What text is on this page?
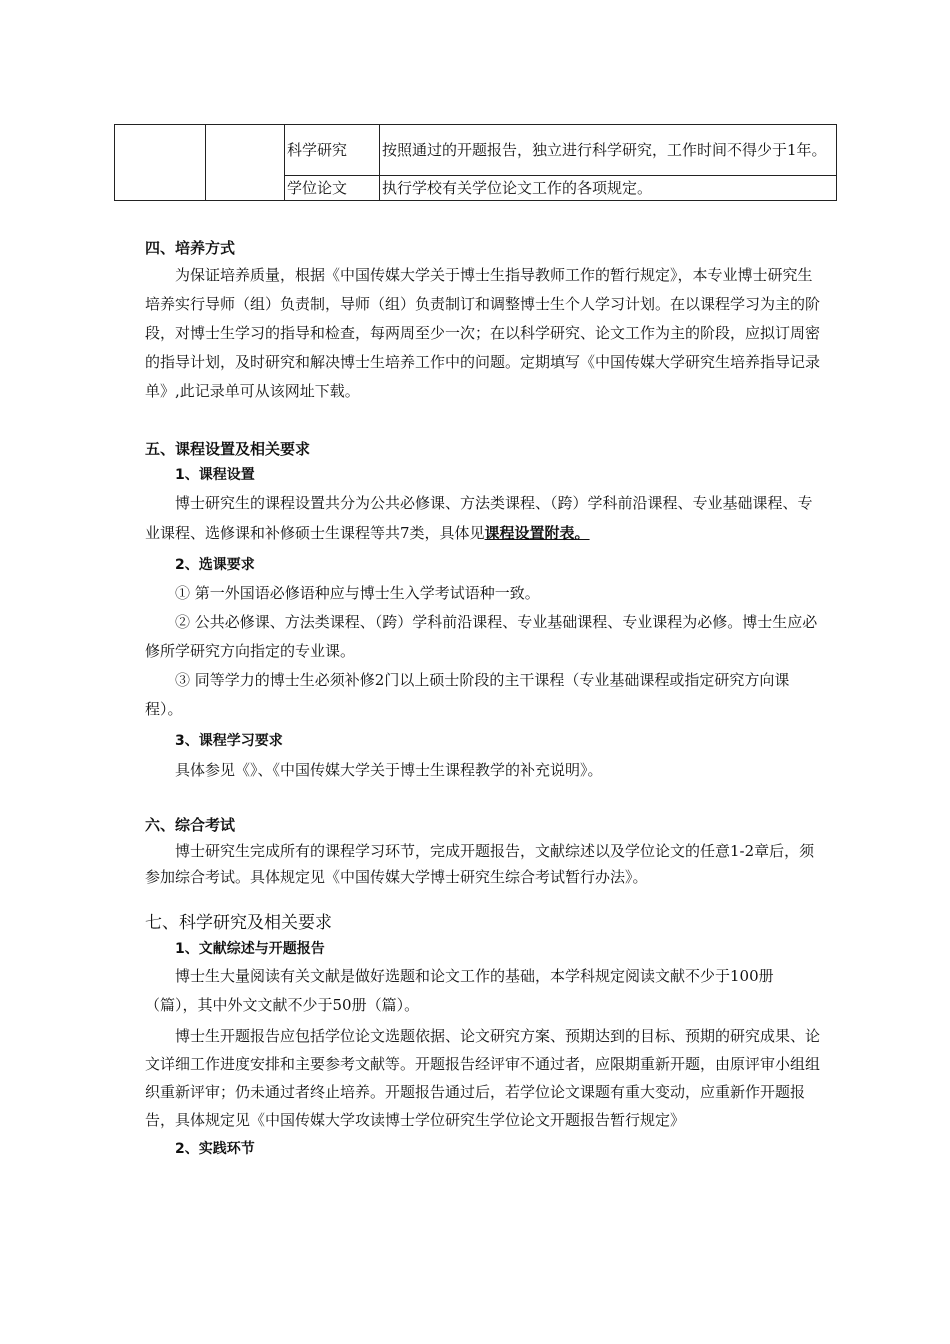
		科学研究	按照通过的开题报告，独立进行科学研究，工作时间不得少于1年。
		学位论文	执行学校有关学位论文工作的各项规定。
四、培养方式

为保证培养质量，根据《中国传媒大学关于博士生指导教师工作的暂行规定》，本专业博士研究生培养实行导师（组）负责制，导师（组）负责制订和调整博士生个人学习计划。在以课程学习为主的阶段，对博士生学习的指导和检查，每两周至少一次；在以科学研究、论文工作为主的阶段，应拟订周密的指导计划，及时研究和解决博士生培养工作中的问题。定期填写《中国传媒大学研究生培养指导记录单》,此记录单可从该网址下载。

五、课程设置及相关要求
1、课程设置

博士研究生的课程设置共分为公共必修课、方法类课程、（跨）学科前沿课程、专业基础课程、专业课程、选修课和补修硕士生课程等共7类，具体见课程设置附表。

2、选课要求

① 第一外国语必修语种应与博士生入学考试语种一致。

② 公共必修课、方法类课程、（跨）学科前沿课程、专业基础课程、专业课程为必修。博士生应必修所学研究方向指定的专业课。

③ 同等学力的博士生必须补修2门以上硕士阶段的主干课程（专业基础课程或指定研究方向课程）。

3、课程学习要求

具体参见《》、《中国传媒大学关于博士生课程教学的补充说明》。

六、综合考试

博士研究生完成所有的课程学习环节，完成开题报告，文献综述以及学位论文的任意1-2章后，须参加综合考试。具体规定见《中国传媒大学博士研究生综合考试暂行办法》。

七、科学研究及相关要求
1、文献综述与开题报告

博士生大量阅读有关文献是做好选题和论文工作的基础，本学科规定阅读文献不少于100册（篇），其中外文文献不少于50册（篇）。

博士生开题报告应包括学位论文选题依据、论文研究方案、预期达到的目标、预期的研究成果、论文详细工作进度安排和主要参考文献等。开题报告经评审不通过者，应限期重新开题，由原评审小组组织重新评审；仍未通过者终止培养。开题报告通过后，若学位论文课题有重大变动，应重新作开题报告，具体规定见《中国传媒大学攻读博士学位研究生学位论文开题报告暂行规定》

2、实践环节
